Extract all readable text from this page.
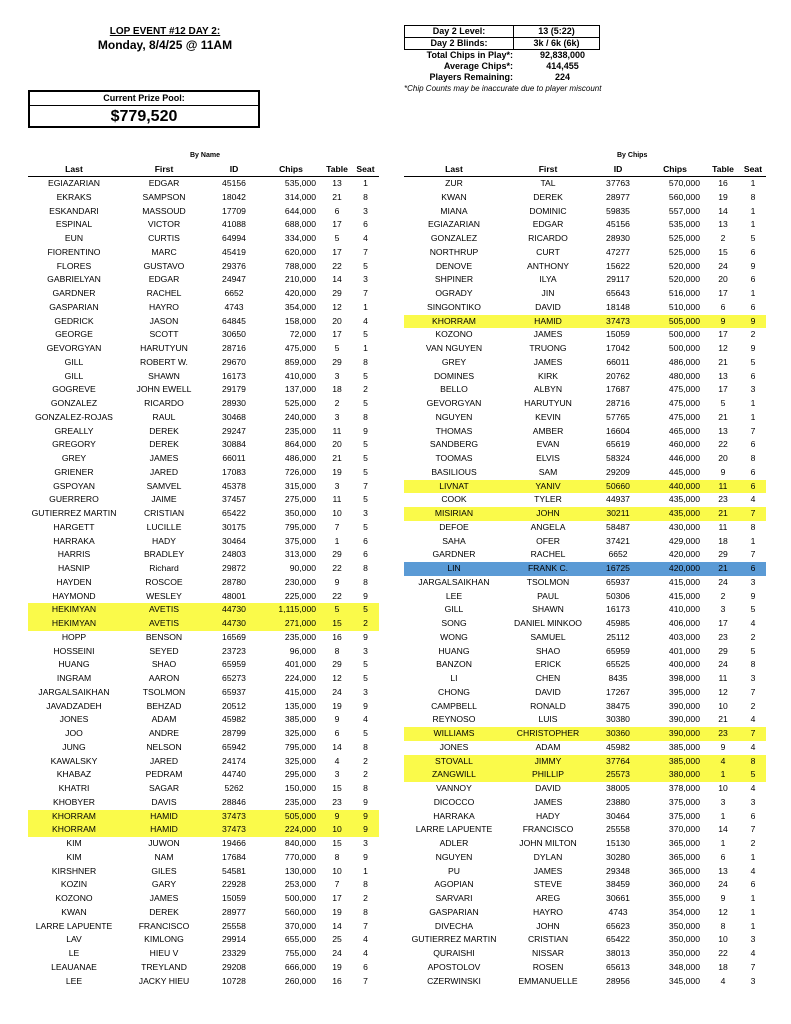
LOP EVENT #12 DAY 2:
Monday, 8/4/25 @ 11AM
Current Prize Pool:
$779,520
Day 2 Level:	13 (5:22)
Day 2 Blinds:	3k / 6k (6k)
Total Chips in Play*:	92,838,000
Average Chips*:	414,455
Players Remaining:	224
*Chip Counts may be inaccurate due to player miscount
By Name	By Chips
Last	First	ID	Chips	Table	Seat
EGIAZARIAN	EDGAR	45156	535,000	13	1
EKRAKS	SAMPSON	18042	314,000	21	8
ESKANDARI	MASSOUD	17709	644,000	6	3
ESPINAL	VICTOR	41088	688,000	17	6
EUN	CURTIS	64994	334,000	5	4
FIORENTINO	MARC	45419	620,000	17	7
FLORES	GUSTAVO	29376	788,000	22	5
GABRIELYAN	EDGAR	24947	210,000	14	3
GARDNER	RACHEL	6652	420,000	29	7
GASPARIAN	HAYRO	4743	354,000	12	1
GEDRICK	JASON	64845	158,000	20	4
GEORGE	SCOTT	30650	72,000	17	5
GEVORGYAN	HARUTYUN	28716	475,000	5	1
GILL	ROBERT W.	29670	859,000	29	8
GILL	SHAWN	16173	410,000	3	5
GOGREVE	JOHN EWELL	29179	137,000	18	2
GONZALEZ	RICARDO	28930	525,000	2	5
GONZALEZ-ROJAS	RAUL	30468	240,000	3	8
GREALLY	DEREK	29247	235,000	11	9
GREGORY	DEREK	30884	864,000	20	5
GREY	JAMES	66011	486,000	21	5
GRIENER	JARED	17083	726,000	19	5
GSPOYAN	SAMVEL	45378	315,000	3	7
GUERRERO	JAIME	37457	275,000	11	5
GUTIERREZ MARTIN	CRISTIAN	65422	350,000	10	3
HARGETT	LUCILLE	30175	795,000	7	5
HARRAKA	HADY	30464	375,000	1	6
HARRIS	BRADLEY	24803	313,000	29	6
HASNIP	Richard	29872	90,000	22	8
HAYDEN	ROSCOE	28780	230,000	9	8
HAYMOND	WESLEY	48001	225,000	22	9
HEKIMYAN	AVETIS	44730	1,115,000	5	5
HEKIMYAN	AVETIS	44730	271,000	15	2
HOPP	BENSON	16569	235,000	16	9
HOSSEINI	SEYED	23723	96,000	8	3
HUANG	SHAO	65959	401,000	29	5
INGRAM	AARON	65273	224,000	12	5
JARGALSAIKHAN	TSOLMON	65937	415,000	24	3
JAVADZADEH	BEHZAD	20512	135,000	19	9
JONES	ADAM	45982	385,000	9	4
JOO	ANDRE	28799	325,000	6	5
JUNG	NELSON	65942	795,000	14	8
KAWALSKY	JARED	24174	325,000	4	2
KHABAZ	PEDRAM	44740	295,000	3	2
KHATRI	SAGAR	5262	150,000	15	8
KHOBYER	DAVIS	28846	235,000	23	9
KHORRAM	HAMID	37473	505,000	9	9
KHORRAM	HAMID	37473	224,000	10	9
KIM	JUWON	19466	840,000	15	3
KIM	NAM	17684	770,000	8	9
KIRSHNER	GILES	54581	130,000	10	1
KOZIN	GARY	22928	253,000	7	8
KOZONO	JAMES	15059	500,000	17	2
KWAN	DEREK	28977	560,000	19	8
LARRE LAPUENTE	FRANCISCO	25558	370,000	14	7
LAV	KIMLONG	29914	655,000	25	4
LE	HIEU V	23329	755,000	24	4
LEAUANAE	TREYLAND	29208	666,000	19	6
LEE	JACKY HIEU	10728	260,000	16	7
Last	First	ID	Chips	Table	Seat
ZUR	TAL	37763	570,000	16	1
KWAN	DEREK	28977	560,000	19	8
MIANA	DOMINIC	59835	557,000	14	1
EGIAZARIAN	EDGAR	45156	535,000	13	1
GONZALEZ	RICARDO	28930	525,000	2	5
NORTHRUP	CURT	47277	525,000	15	6
DENOVE	ANTHONY	15622	520,000	24	9
SHPINER	ILYA	29117	520,000	20	6
OGRADY	JIN	65643	516,000	17	1
SINGONTIKO	DAVID	18148	510,000	6	6
KHORRAM	HAMID	37473	505,000	9	9
KOZONO	JAMES	15059	500,000	17	2
VAN NGUYEN	TRUONG	17042	500,000	12	9
GREY	JAMES	66011	486,000	21	5
DOMINES	KIRK	20762	480,000	13	6
BELLO	ALBYN	17687	475,000	17	3
GEVORGYAN	HARUTYUN	28716	475,000	5	1
NGUYEN	KEVIN	57765	475,000	21	1
THOMAS	AMBER	16604	465,000	13	7
SANDBERG	EVAN	65619	460,000	22	6
TOOMAS	ELVIS	58324	446,000	20	8
BASILIOUS	SAM	29209	445,000	9	6
LIVNAT	YANIV	50660	440,000	11	6
COOK	TYLER	44937	435,000	23	4
MISIRIAN	JOHN	30211	435,000	21	7
DEFOE	ANGELA	58487	430,000	11	8
SAHA	OFER	37421	429,000	18	1
GARDNER	RACHEL	6652	420,000	29	7
LIN	FRANK C.	16725	420,000	21	6
JARGALSAIKHAN	TSOLMON	65937	415,000	24	3
LEE	PAUL	50306	415,000	2	9
GILL	SHAWN	16173	410,000	3	5
SONG	DANIEL MINKOO	45985	406,000	17	4
WONG	SAMUEL	25112	403,000	23	2
HUANG	SHAO	65959	401,000	29	5
BANZON	ERICK	65525	400,000	24	8
LI	CHEN	8435	398,000	11	3
CHONG	DAVID	17267	395,000	12	7
CAMPBELL	RONALD	38475	390,000	10	2
REYNOSO	LUIS	30380	390,000	21	4
WILLIAMS	CHRISTOPHER	30360	390,000	23	7
JONES	ADAM	45982	385,000	9	4
STOVALL	JIMMY	37764	385,000	4	8
ZANGWILL	PHILLIP	25573	380,000	1	5
VANNOY	DAVID	38005	378,000	10	4
DICOCCO	JAMES	23880	375,000	3	3
HARRAKA	HADY	30464	375,000	1	6
LARRE LAPUENTE	FRANCISCO	25558	370,000	14	7
ADLER	JOHN MILTON	15130	365,000	1	2
NGUYEN	DYLAN	30280	365,000	6	1
PU	JAMES	29348	365,000	13	4
AGOPIAN	STEVE	38459	360,000	24	6
SARVARI	AREG	30661	355,000	9	1
GASPARIAN	HAYRO	4743	354,000	12	1
DIVECHA	JOHN	65623	350,000	8	1
GUTIERREZ MARTIN	CRISTIAN	65422	350,000	10	3
QURAISHI	NISSAR	38013	350,000	22	4
APOSTOLOV	ROSEN	65613	348,000	18	7
CZERWINSKI	EMMANUELLE	28956	345,000	4	3
